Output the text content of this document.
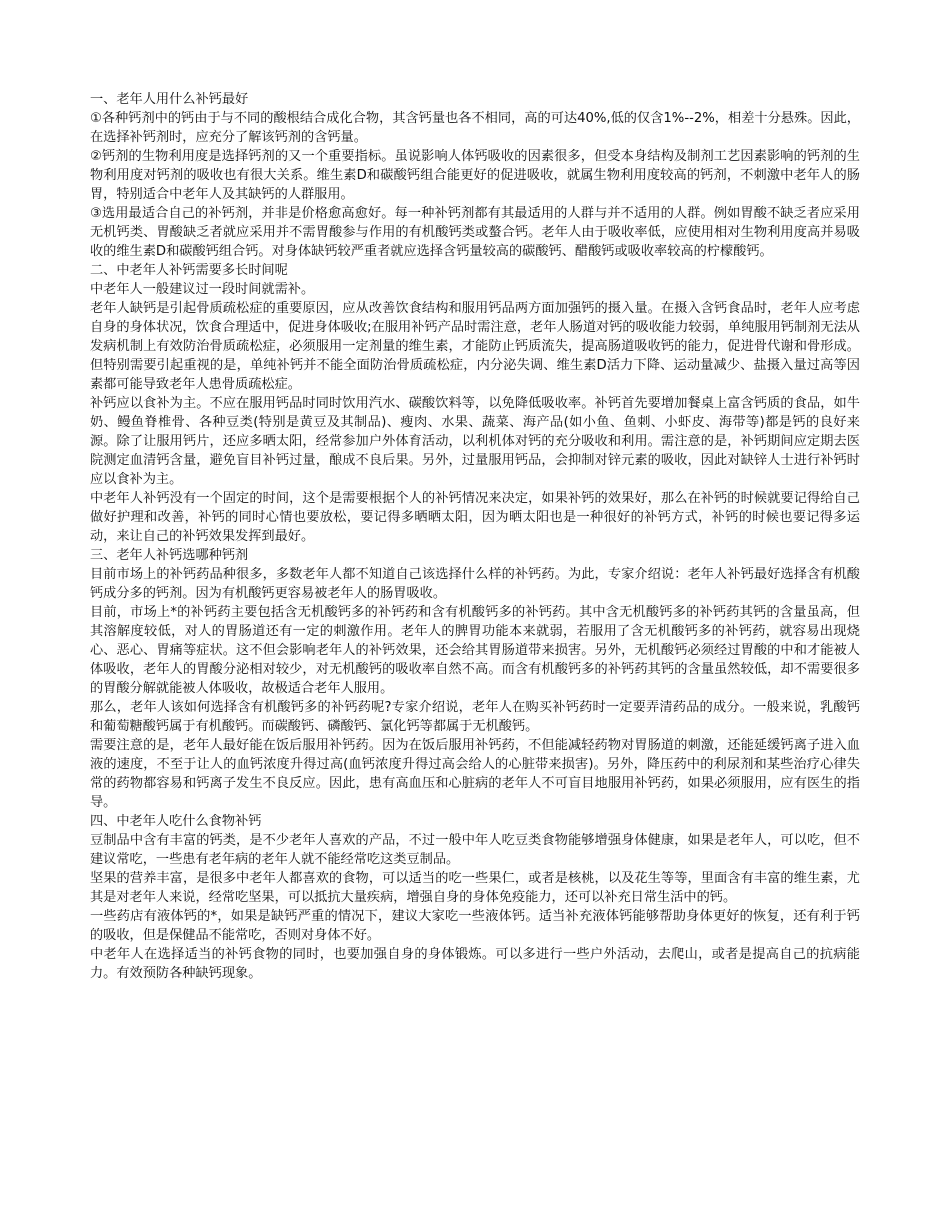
一、老年人用什么补钙最好

①各种钙剂中的钙由于与不同的酸根结合成化合物，其含钙量也各不相同，高的可达40%,低的仅含1%--2%，相差十分悬殊。因此，在选择补钙剂时，应充分了解该钙剂的含钙量。

②钙剂的生物利用度是选择钙剂的又一个重要指标。虽说影响人体钙吸收的因素很多，但受本身结构及制剂工艺因素影响的钙剂的生物利用度对钙剂的吸收也有很大关系。维生素D和碳酸钙组合能更好的促进吸收，就属生物利用度较高的钙剂，不刺激中老年人的肠胃，特别适合中老年人及其缺钙的人群服用。

③选用最适合自己的补钙剂，并非是价格愈高愈好。每一种补钙剂都有其最适用的人群与并不适用的人群。例如胃酸不缺乏者应采用无机钙类、胃酸缺乏者就应采用并不需胃酸参与作用的有机酸钙类或螯合钙。老年人由于吸收率低，应使用相对生物利用度高并易吸收的维生素D和碳酸钙组合钙。对身体缺钙较严重者就应选择含钙量较高的碳酸钙、醋酸钙或吸收率较高的柠檬酸钙。

二、中老年人补钙需要多长时间呢

中老年人一般建议过一段时间就需补。

老年人缺钙是引起骨质疏松症的重要原因，应从改善饮食结构和服用钙品两方面加强钙的摄入量。在摄入含钙食品时，老年人应考虑自身的身体状况，饮食合理适中，促进身体吸收;在服用补钙产品时需注意，老年人肠道对钙的吸收能力较弱，单纯服用钙制剂无法从发病机制上有效防治骨质疏松症，必须服用一定剂量的维生素，才能防止钙质流失，提高肠道吸收钙的能力，促进骨代谢和骨形成。但特别需要引起重视的是，单纯补钙并不能全面防治骨质疏松症，内分泌失调、维生素D活力下降、运动量减少、盐摄入量过高等因素都可能导致老年人患骨质疏松症。

补钙应以食补为主。不应在服用钙品时同时饮用汽水、碳酸饮料等，以免降低吸收率。补钙首先要增加餐桌上富含钙质的食品，如牛奶、鳗鱼脊椎骨、各种豆类(特别是黄豆及其制品)、瘦肉、水果、蔬菜、海产品(如小鱼、鱼刺、小虾皮、海带等)都是钙的良好来源。除了让服用钙片，还应多晒太阳，经常参加户外体育活动，以利机体对钙的充分吸收和利用。需注意的是，补钙期间应定期去医院测定血清钙含量，避免盲目补钙过量，酿成不良后果。另外，过量服用钙品，会抑制对锌元素的吸收，因此对缺锌人士进行补钙时应以食补为主。

中老年人补钙没有一个固定的时间，这个是需要根据个人的补钙情况来决定，如果补钙的效果好，那么在补钙的时候就要记得给自己做好护理和改善，补钙的同时心情也要放松，要记得多晒晒太阳，因为晒太阳也是一种很好的补钙方式，补钙的时候也要记得多运动，来让自己的补钙效果发挥到最好。

三、老年人补钙选哪种钙剂

目前市场上的补钙药品种很多，多数老年人都不知道自己该选择什么样的补钙药。为此，专家介绍说：老年人补钙最好选择含有机酸钙成分多的钙剂。因为有机酸钙更容易被老年人的肠胃吸收。

目前，市场上*的补钙药主要包括含无机酸钙多的补钙药和含有机酸钙多的补钙药。其中含无机酸钙多的补钙药其钙的含量虽高，但其溶解度较低，对人的胃肠道还有一定的刺激作用。老年人的脾胃功能本来就弱，若服用了含无机酸钙多的补钙药，就容易出现烧心、恶心、胃痛等症状。这不但会影响老年人的补钙效果，还会给其胃肠道带来损害。另外，无机酸钙必须经过胃酸的中和才能被人体吸收，老年人的胃酸分泌相对较少，对无机酸钙的吸收率自然不高。而含有机酸钙多的补钙药其钙的含量虽然较低，却不需要很多的胃酸分解就能被人体吸收，故极适合老年人服用。

那么，老年人该如何选择含有机酸钙多的补钙药呢?专家介绍说，老年人在购买补钙药时一定要弄清药品的成分。一般来说，乳酸钙和葡萄糖酸钙属于有机酸钙。而碳酸钙、磷酸钙、氯化钙等都属于无机酸钙。

需要注意的是，老年人最好能在饭后服用补钙药。因为在饭后服用补钙药，不但能减轻药物对胃肠道的刺激，还能延缓钙离子进入血液的速度，不至于让人的血钙浓度升得过高(血钙浓度升得过高会给人的心脏带来损害)。另外，降压药中的利尿剂和某些治疗心律失常的药物都容易和钙离子发生不良反应。因此，患有高血压和心脏病的老年人不可盲目地服用补钙药，如果必须服用，应有医生的指导。

四、中老年人吃什么食物补钙

豆制品中含有丰富的钙类，是不少老年人喜欢的产品，不过一般中年人吃豆类食物能够增强身体健康，如果是老年人，可以吃，但不建议常吃，一些患有老年病的老年人就不能经常吃这类豆制品。

坚果的营养丰富，是很多中老年人都喜欢的食物，可以适当的吃一些果仁，或者是核桃，以及花生等等，里面含有丰富的维生素，尤其是对老年人来说，经常吃坚果，可以抵抗大量疾病，增强自身的身体免疫能力，还可以补充日常生活中的钙。

一些药店有液体钙的*，如果是缺钙严重的情况下，建议大家吃一些液体钙。适当补充液体钙能够帮助身体更好的恢复，还有利于钙的吸收，但是保健品不能常吃，否则对身体不好。

中老年人在选择适当的补钙食物的同时，也要加强自身的身体锻炼。可以多进行一些户外活动，去爬山，或者是提高自己的抗病能力。有效预防各种缺钙现象。
